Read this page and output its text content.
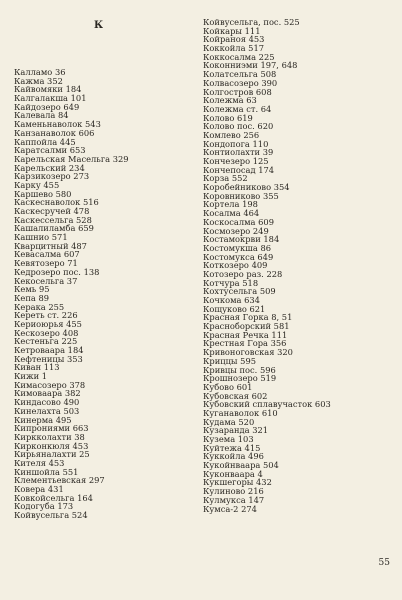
К
Калламо 36
Кажма 352
Кайвомяки 184
Калгалакша 101
Кайдозеро 649
Калевала 84
Каменьнаволок 543
Канзанаволок 606
Каппойла 445
Каратсалми 653
Карельская Масельга 329
Карельский 234
Карзикозеро 273
Карку 455
Каршево 580
Каскеснаволок 516
Каскесручей 478
Каскессельга 528
Кашалиламба 659
Кашнио 571
Кварцитный 487
Кевасалма 607
Кевятозеро 71
Кедрозеро пос. 138
Кекосельга 37
Кемь 95
Кепа 89
Керака 255
Кереть ст. 226
Кериоюрья 455
Кескозеро 408
Кестеньга 225
Кетроваара 184
Кефтеницы 353
Киван 113
Кижи 1
Кимасозеро 378
Кимоваара 382
Киндасово 490
Кинелахта 503
Кинерма 495
Кипрониями 663
Киркколахти 38
Кирконкюля 453
Кирьяналахти 25
Кителя 453
Киншойла 551
Клементьевская 297
Ковера 431
Ковкойсельга 164
Кодогуба 173
Койвусельга 524
Койвусельга, пос. 525
Койкары 111
Койраноя 453
Коккойла 517
Коккосалма 225
Коконниэми 197, 648
Колатсельга 508
Колвасозеро 390
Колгостров 608
Колежма 63
Колежма ст. 64
Колово 619
Колово пос. 620
Комлево 256
Кондопога 110
Контиолахти 39
Кончезеро 125
Кончепосад 174
Корза 552
Коробейниково 354
Коровниково 355
Кортела 198
Косалма 464
Коскосалма 609
Космозеро 249
Костамокрви 184
Костомукша 86
Костомукса 649
Коткозеро 409
Котозеро раз. 228
Котчура 518
Кохтусельга 509
Кочкома 634
Кощуково 621
Красная Горка 8, 51
Красноборский 581
Красная Речка 111
Крестная Гора 356
Кривоноговская 320
Криццы 595
Кривцы пос. 596
Крошнозеро 519
Кубово 601
Кубовская 602
Кубовский сплавучасток 603
Куганаволок 610
Кудама 520
Кузаранда 321
Кузема 103
Куйтежа 415
Куккойла 496
Кукойнваара 504
Куконваара 4
Кукшегоры 432
Кулиново 216
Кулмукса 147
Кумса-2 274
55
